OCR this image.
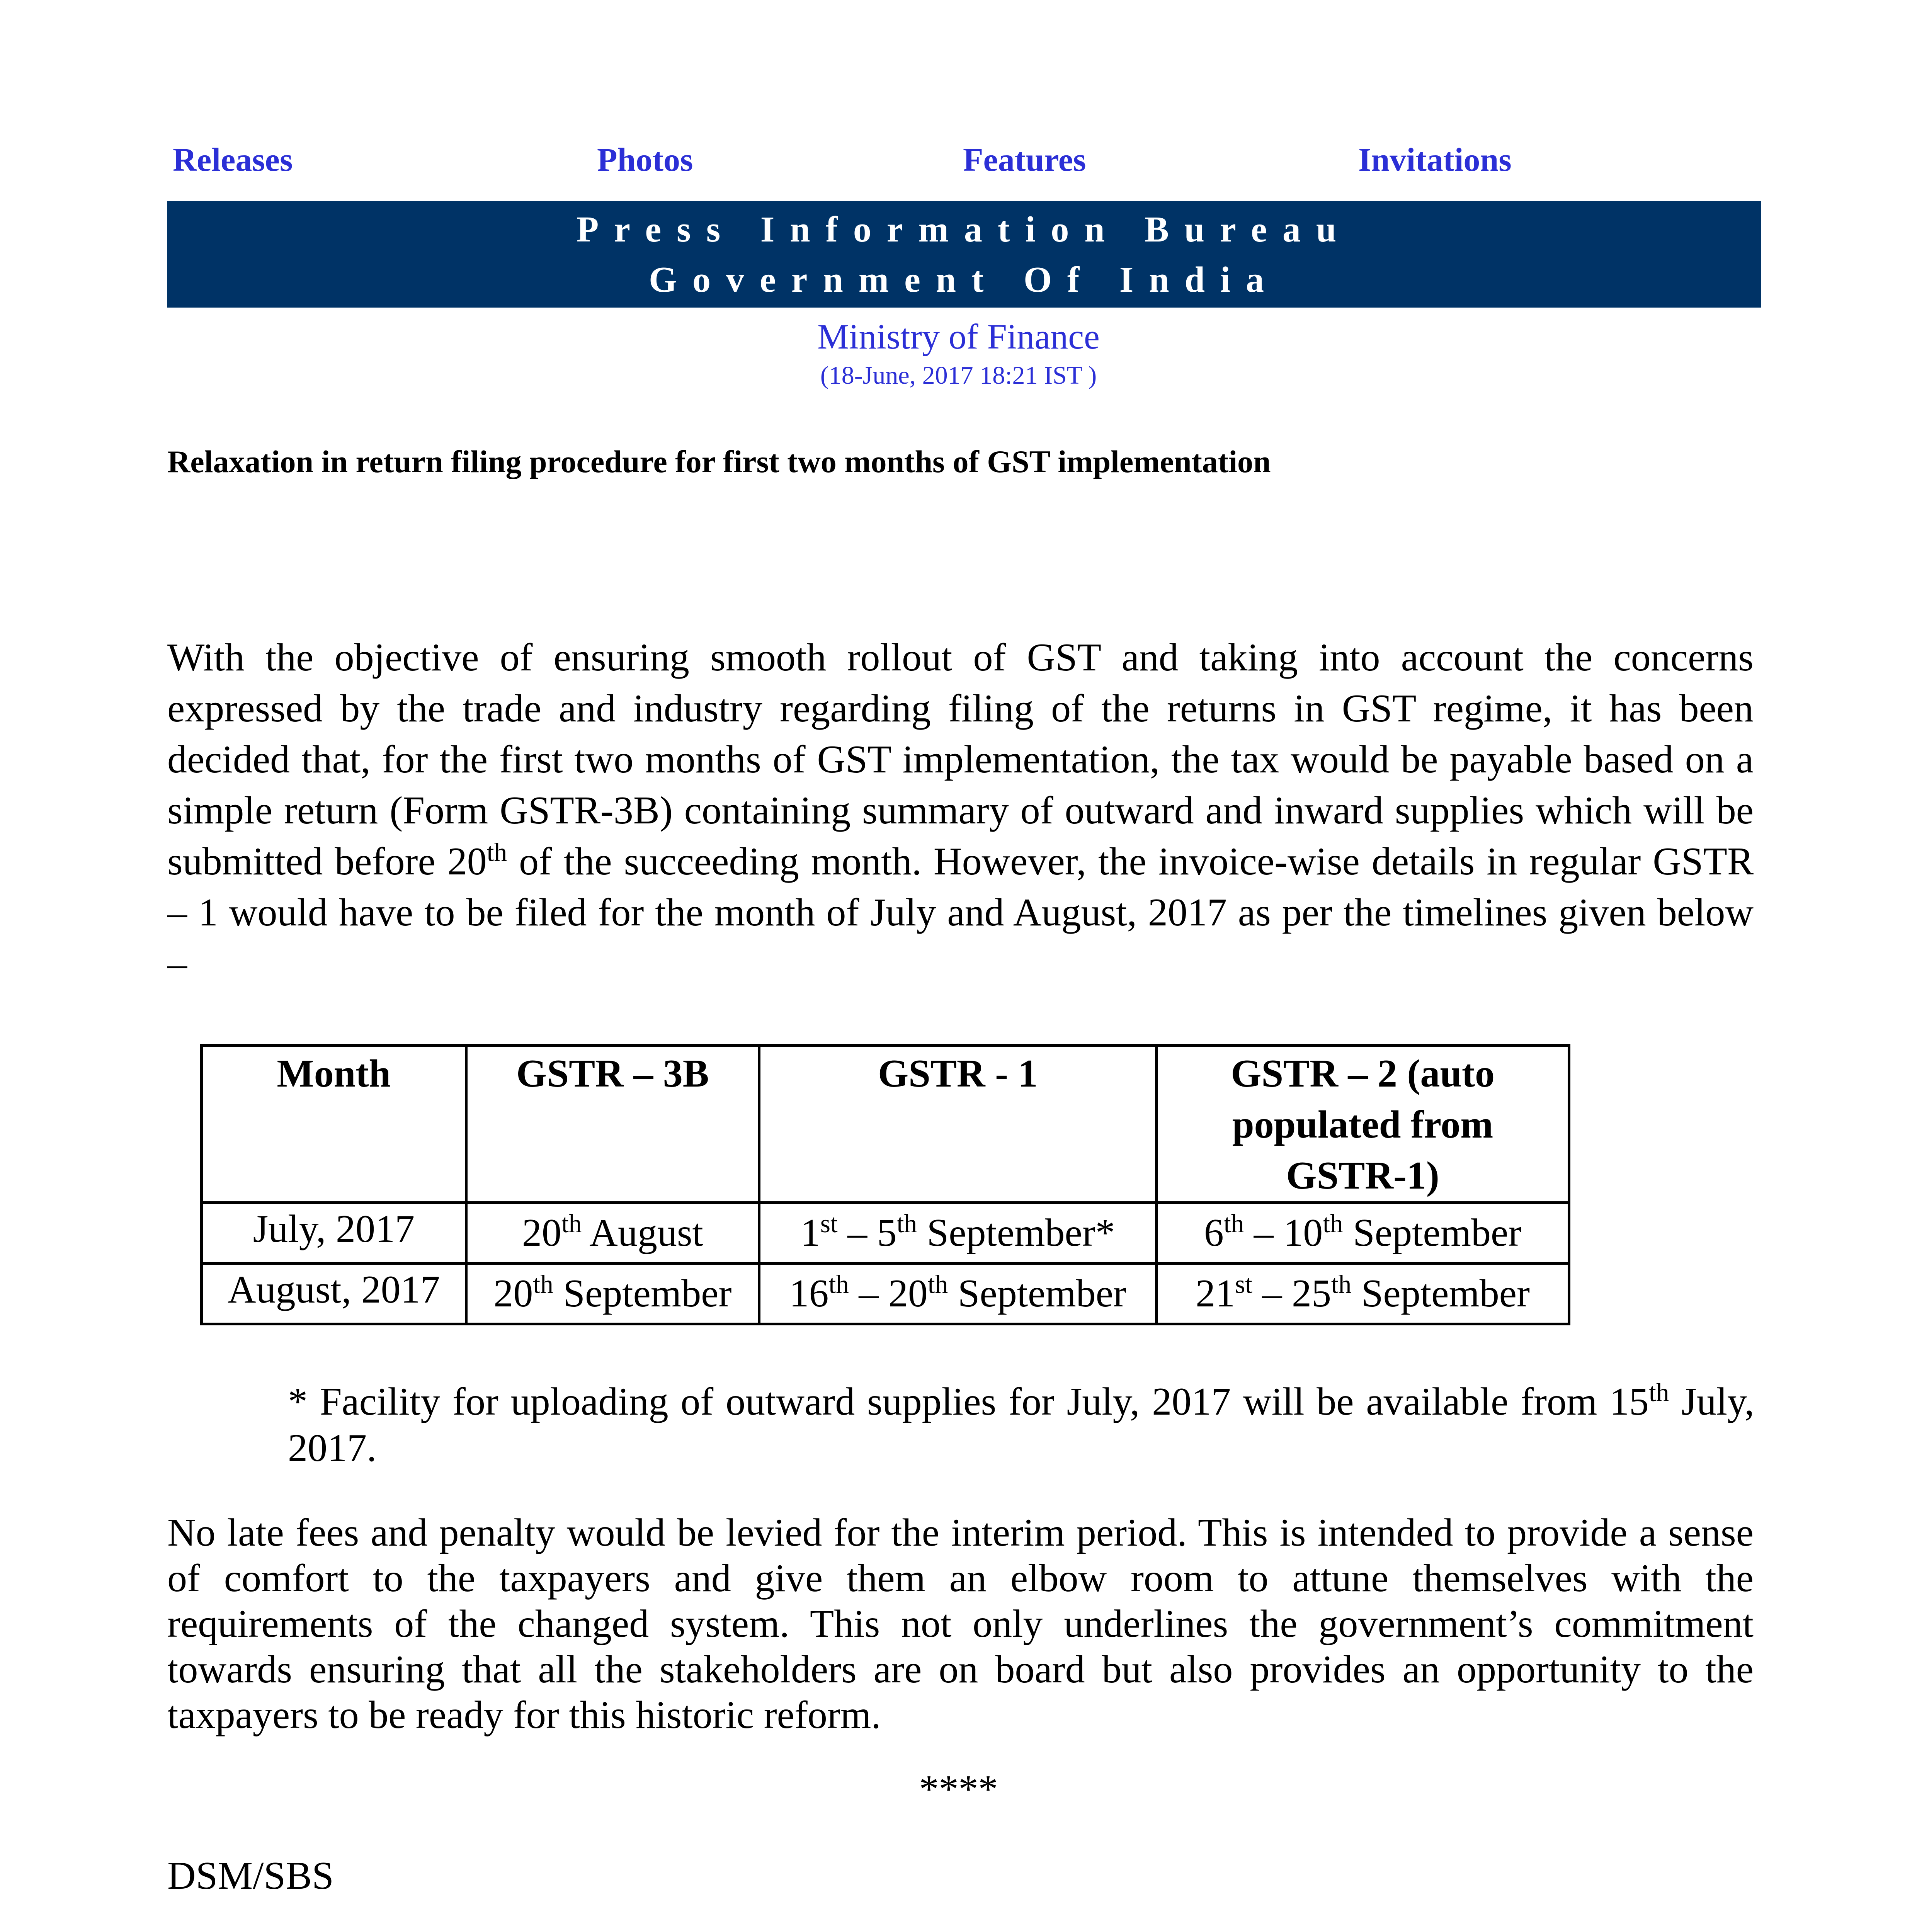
Releases	Photos	Features	Invitations
Press Information Bureau
Government Of India
Ministry of Finance
(18-June, 2017 18:21 IST )
Relaxation in return filing procedure for first two months of GST implementation

With the objective of ensuring smooth rollout of GST and taking into account the concerns expressed by the trade and industry regarding filing of the returns in GST regime, it has been decided that, for the first two months of GST implementation, the tax would be payable based on a simple return (Form GSTR-3B) containing summary of outward and inward supplies which will be submitted before 20th of the succeeding month. However, the invoice-wise details in regular GSTR – 1 would have to be filed for the month of July and August, 2017 as per the timelines given below –

Month	GSTR – 3B	GSTR - 1	GSTR – 2 (auto populated from GSTR-1)
July, 2017	20th August	1st – 5th September*	6th – 10th September
August, 2017	20th September	16th – 20th September	21st – 25th September

* Facility for uploading of outward supplies for July, 2017 will be available from 15th July, 2017.

No late fees and penalty would be levied for the interim period. This is intended to provide a sense of comfort to the taxpayers and give them an elbow room to attune themselves with the requirements of the changed system. This not only underlines the government’s commitment towards ensuring that all the stakeholders are on board but also provides an opportunity to the taxpayers to be ready for this historic reform.

****
DSM/SBS
